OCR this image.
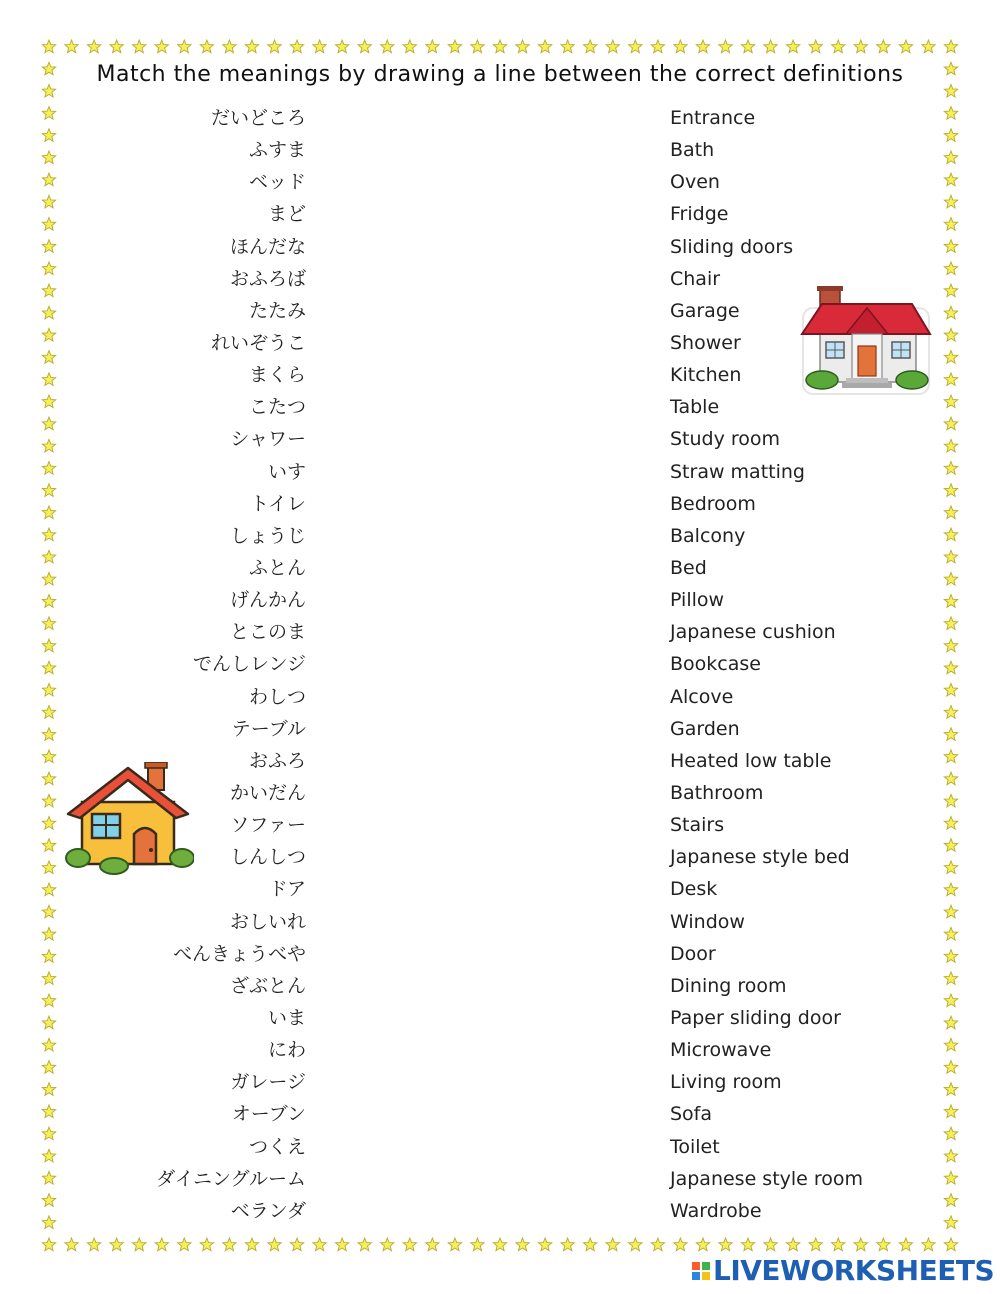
Match the meanings by drawing a line between the correct definitions
だいどころ
ふすま
ベッド
まど
ほんだな
おふろば
たたみ
れいぞうこ
まくら
こたつ
シャワー
いす
トイレ
しょうじ
ふとん
げんかん
とこのま
でんしレンジ
わしつ
テーブル
おふろ
かいだん
ソファー
しんしつ
ドア
おしいれ
べんきょうべや
ざぶとん
いま
にわ
ガレージ
オーブン
つくえ
ダイニングルーム
ベランダ
Entrance
Bath
Oven
Fridge
Sliding doors
Chair
Garage
Shower
Kitchen
Table
Study room
Straw matting
Bedroom
Balcony
Bed
Pillow
Japanese cushion
Bookcase
Alcove
Garden
Heated low table
Bathroom
Stairs
Japanese style bed
Desk
Window
Door
Dining room
Paper sliding door
Microwave
Living room
Sofa
Toilet
Japanese style room
Wardrobe
LIVEWORKSHEETS
